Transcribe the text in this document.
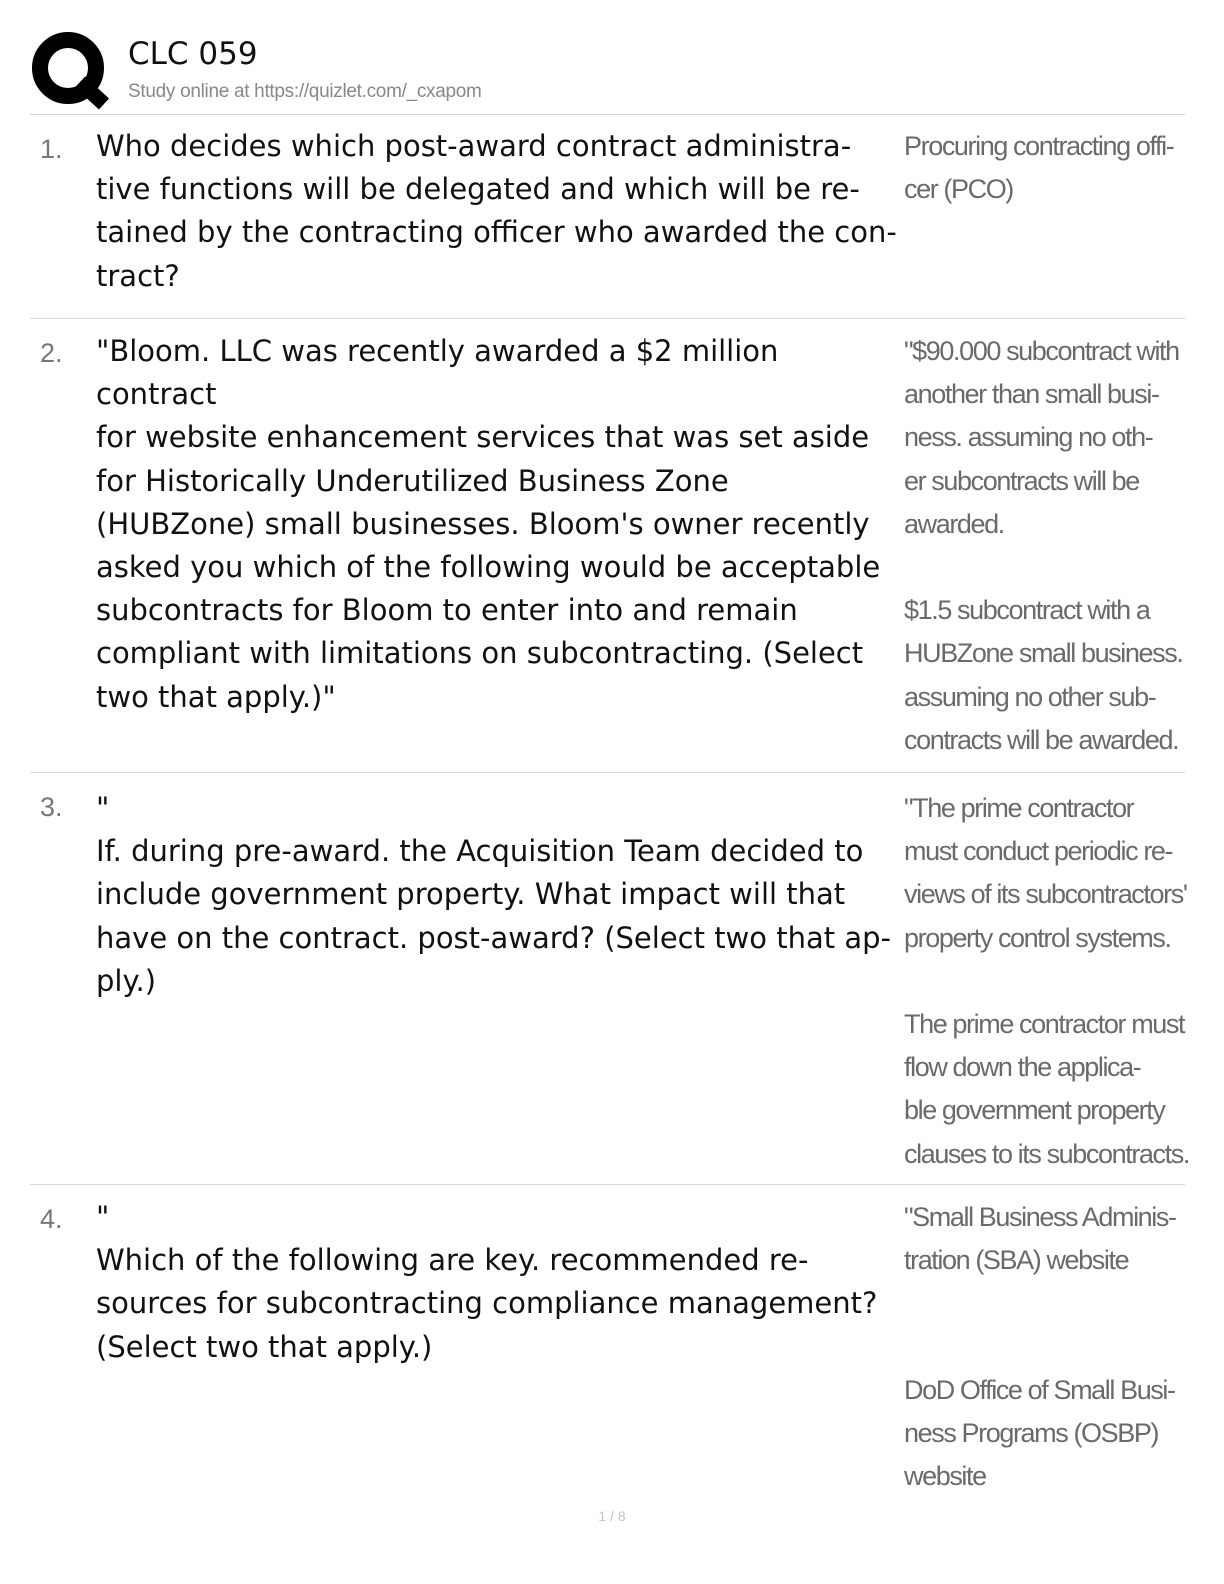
CLC 059
Study online at https://quizlet.com/_cxapom
1. Who decides which post-award contract administra-
tive functions will be delegated and which will be re-
tained by the contracting officer who awarded the con-
tract?
Procuring contracting offi-
cer (PCO)
2. "Bloom. LLC was recently awarded a $2 million contract
for website enhancement services that was set aside
for Historically Underutilized Business Zone
(HUBZone) small businesses. Bloom's owner recently
asked you which of the following would be acceptable
subcontracts for Bloom to enter into and remain
compliant with limitations on subcontracting. (Select
two that apply.)"
"$90.000 subcontract with
another than small busi-
ness. assuming no oth-
er subcontracts will be
awarded.

$1.5 subcontract with a
HUBZone small business.
assuming no other sub-
contracts will be awarded.
3. "
If. during pre-award. the Acquisition Team decided to
include government property. What impact will that
have on the contract. post-award? (Select two that ap-
ply.)
"The prime contractor
must conduct periodic re-
views of its subcontractors'
property control systems.

The prime contractor must
flow down the applica-
ble government property
clauses to its subcontracts.
4. "
Which of the following are key. recommended re-
sources for subcontracting compliance management?
(Select two that apply.)
"Small Business Adminis-
tration (SBA) website

DoD Office of Small Busi-
ness Programs (OSBP)
website
1 / 8
